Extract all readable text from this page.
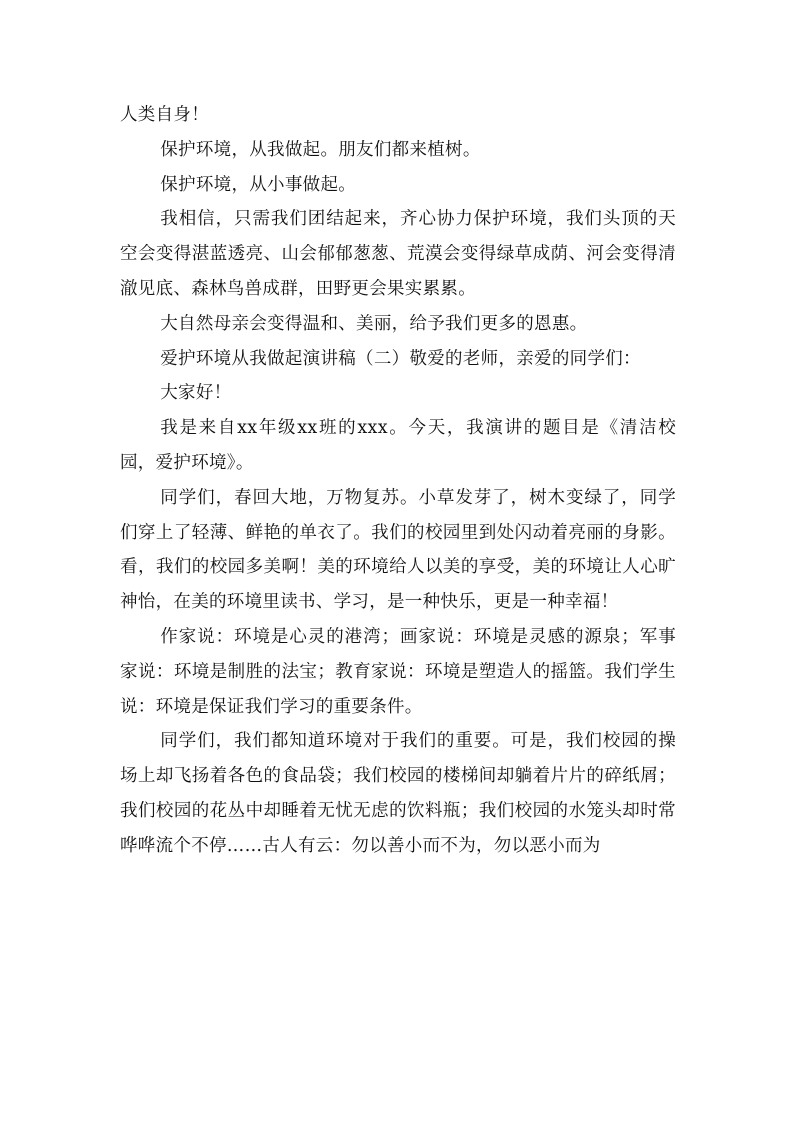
人类自身！

保护环境，从我做起。朋友们都来植树。

保护环境，从小事做起。

我相信，只需我们团结起来，齐心协力保护环境，我们头顶的天空会变得湛蓝透亮、山会郁郁葱葱、荒漠会变得绿草成荫、河会变得清澈见底、森林鸟兽成群，田野更会果实累累。

大自然母亲会变得温和、美丽，给予我们更多的恩惠。

爱护环境从我做起演讲稿（二）敬爱的老师，亲爱的同学们：

大家好！

我是来自xx年级xx班的xxx。今天，我演讲的题目是《清洁校园，爱护环境》。

同学们，春回大地，万物复苏。小草发芽了，树木变绿了，同学们穿上了轻薄、鲜艳的单衣了。我们的校园里到处闪动着亮丽的身影。看，我们的校园多美啊！美的环境给人以美的享受，美的环境让人心旷神怡，在美的环境里读书、学习，是一种快乐，更是一种幸福！

作家说：环境是心灵的港湾；画家说：环境是灵感的源泉；军事家说：环境是制胜的法宝；教育家说：环境是塑造人的摇篮。我们学生说：环境是保证我们学习的重要条件。

同学们，我们都知道环境对于我们的重要。可是，我们校园的操场上却飞扬着各色的食品袋；我们校园的楼梯间却躺着片片的碎纸屑；我们校园的花丛中却睡着无忧无虑的饮料瓶；我们校园的水笼头却时常哗哗流个不停……古人有云：勿以善小而不为，勿以恶小而为
